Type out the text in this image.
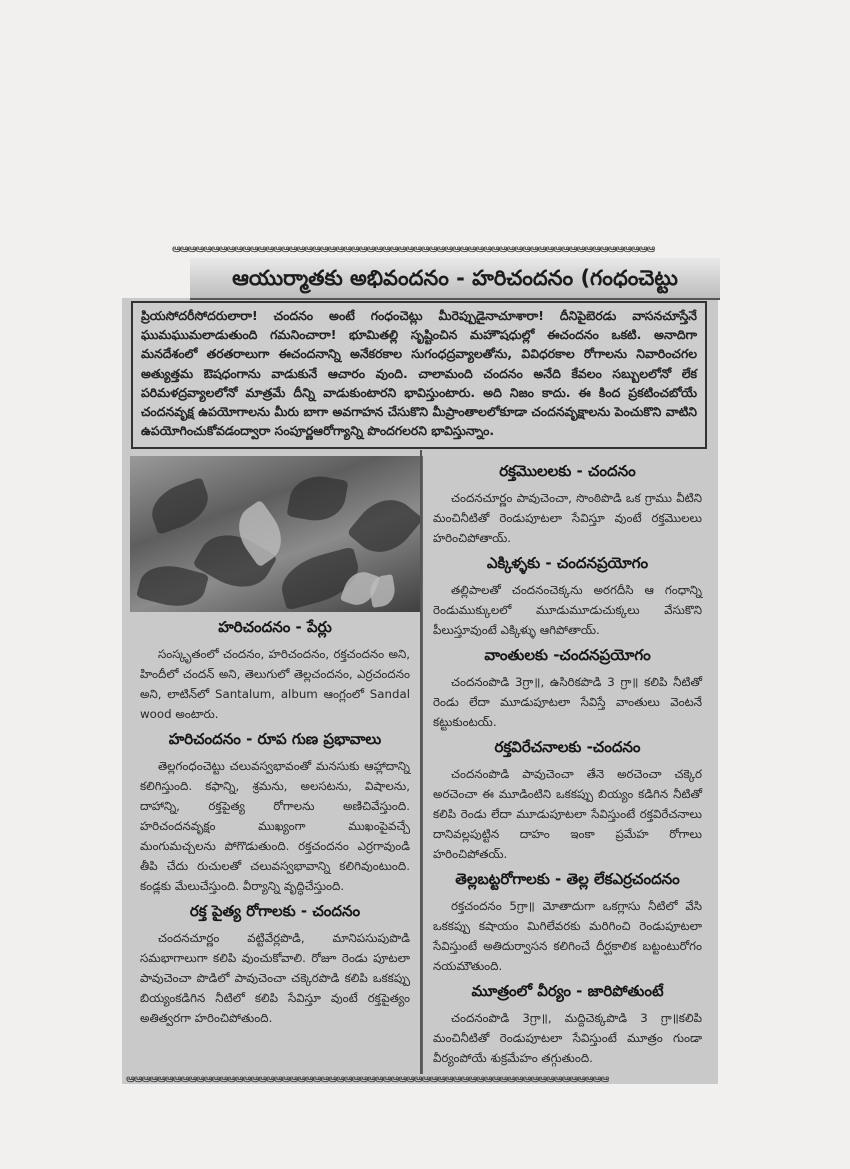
ఆఆఆఆఆఆఆఆఆఆఆఆఆఆఆఆఆఆఆఆఆఆఆఆఆఆఆఆఆఆఆఆఆఆఆఆఆఆఆఆఆఆఆఆఆఆఆఆఆఆఆఆఆఆఆఆఆఆఆఆఆఆ
ఆయుర్మాతకు అభివందనం - హరిచందనం (గంధంచెట్టు
ప్రియసోదరీసోదరులారా! చందనం అంటే గంధంచెట్లు మీరెప్పుడైనాచూశారా! దీనిపైబెరడు వాసనచూస్తేనే ఘుమఘుమలాడుతుంది గమనించారా! భూమితల్లి సృష్టించిన మహౌషధుల్లో ఈచందనం ఒకటి. అనాదిగా మనదేశంలో తరతరాలుగా ఈచందనాన్ని అనేకరకాల సుగంధద్రవ్యాలతోను, వివిధరకాల రోగాలను నివారించగల అత్యుత్తమ ఔషధంగాను వాడుకునే ఆచారం వుంది. చాలామంది చందనం అనేది కేవలం సబ్బులలోనో లేక పరిమళద్రవ్యాలలోనో మాత్రమే దీన్ని వాడుకుంటారని భావిస్తుంటారు. అది నిజం కాదు. ఈ కింద ప్రకటించబోయే చందనవృక్ష ఉపయోగాలను మీరు బాగా అవగాహన చేసుకొని మీప్రాంతాలలోకూడా చందనవృక్షాలను పెంచుకొని వాటిని ఉపయోగించుకోవడంద్వారా సంపూర్ణఆరోగ్యాన్ని పొందగలరని భావిస్తున్నాం.
హరిచందనం - పేర్లు

సంస్కృతంలో చందనం, హరిచందనం, రక్తచందనం అని, హిందీలో చందన్ అని, తెలుగులో తెల్లచందనం, ఎర్రచందనం అని, లాటిన్‌లో Santalum, album ఆంగ్లంలో Sandal wood అంటారు.

హరిచందనం - రూప గుణ ప్రభావాలు

తెల్లగంధంచెట్టు చలువస్వభావంతో మనసుకు ఆహ్లాదాన్ని కలిగిస్తుంది. కఫాన్ని, శ్రమను, అలసటను, విషాలను, దాహాన్ని, రక్తపైత్య రోగాలను అణిచివేస్తుంది. హరిచందనవృక్షం ముఖ్యంగా ముఖంపైవచ్చే మంగుమచ్చలను పోగొడుతుంది. రక్తచందనం ఎర్రగావుండి తీపి చేదు రుచులతో చలువస్వభావాన్ని కలిగివుంటుంది. కండ్లకు మేలుచేస్తుంది. వీర్యాన్ని వృద్ధిచేస్తుంది.

రక్త పైత్య రోగాలకు - చందనం

చందనచూర్ణం వట్టివేర్లపొడి, మానిపసుపుపొడి సమభాగాలుగా కలిపి వుంచుకోవాలి. రోజూ రెండు పూటలా పావుచెంచా పొడిలో పావుచెంచా చక్కెరపొడి కలిపి ఒకకప్పు బియ్యంకడిగిన నీటిలో కలిపి సేవిస్తూ వుంటే రక్తపైత్యం అతిత్వరగా హరించిపోతుంది.

రక్తమొలలకు - చందనం

చందనచూర్ణం పావుచెంచా, సొంఠిపొడి ఒక గ్రాము వీటిని మంచినీటితో రెండుపూటలా సేవిస్తూ వుంటే రక్తమొలలు హరించిపోతాయ్.

ఎక్కిళ్ళకు - చందనప్రయోగం

తల్లిపాలతో చందనంచెక్కను అరగదీసి ఆ గంధాన్ని రెండుముక్కులలో మూడుమూడుచుక్కలు వేసుకొని పీలుస్తూవుంటే ఎక్కిళ్ళు ఆగిపోతాయ్.

వాంతులకు -చందనప్రయోగం

చందనంపొడి 3గ్రా॥, ఉసిరికపొడి 3 గ్రా॥ కలిపి నీటితో రెండు లేదా మూడుపూటలా సేవిస్తే వాంతులు వెంటనే కట్టుకుంటయ్.

రక్తవిరేచనాలకు -చందనం

చందనంపొడి పావుచెంచా తేనె అరచెంచా చక్కెర అరచెంచా ఈ మూడింటిని ఒకకప్పు బియ్యం కడిగిన నీటితో కలిపి రెండు లేదా మూడుపూటలా సేవిస్తుంటే రక్తవిరేచనాలు దానివల్లపుట్టిన దాహం ఇంకా ప్రమేహ రోగాలు హరించిపోతయ్.

తెల్లబట్టరోగాలకు - తెల్ల లేకఎర్రచందనం

రక్తచందనం 5గ్రా॥ మోతాదుగా ఒకగ్లాసు నీటిలో వేసి ఒకకప్పు కషాయం మిగిలేవరకు మరిగించి రెండుపూటలా సేవిస్తుంటే అతిదుర్వాసన కలిగించే దీర్ఘకాలిక బట్టంటురోగం నయమౌతుంది.

మూత్రంలో వీర్యం - జారిపోతుంటే

చందనంపొడి 3గ్రా॥, మద్దిచెక్కపొడి 3 గ్రా॥కలిపి మంచినీటితో రెండుపూటలా సేవిస్తుంటే మూత్రం గుండా వీర్యంపోయే శుక్రమేహం తగ్గుతుంది.

ఆఆఆఆఆఆఆఆఆఆఆఆఆఆఆఆఆఆఆఆఆఆఆఆఆఆఆఆఆఆఆఆఆఆఆఆఆఆఆఆఆఆఆఆఆఆఆఆఆఆఆఆఆఆఆఆఆఆఆఆఆఆ
